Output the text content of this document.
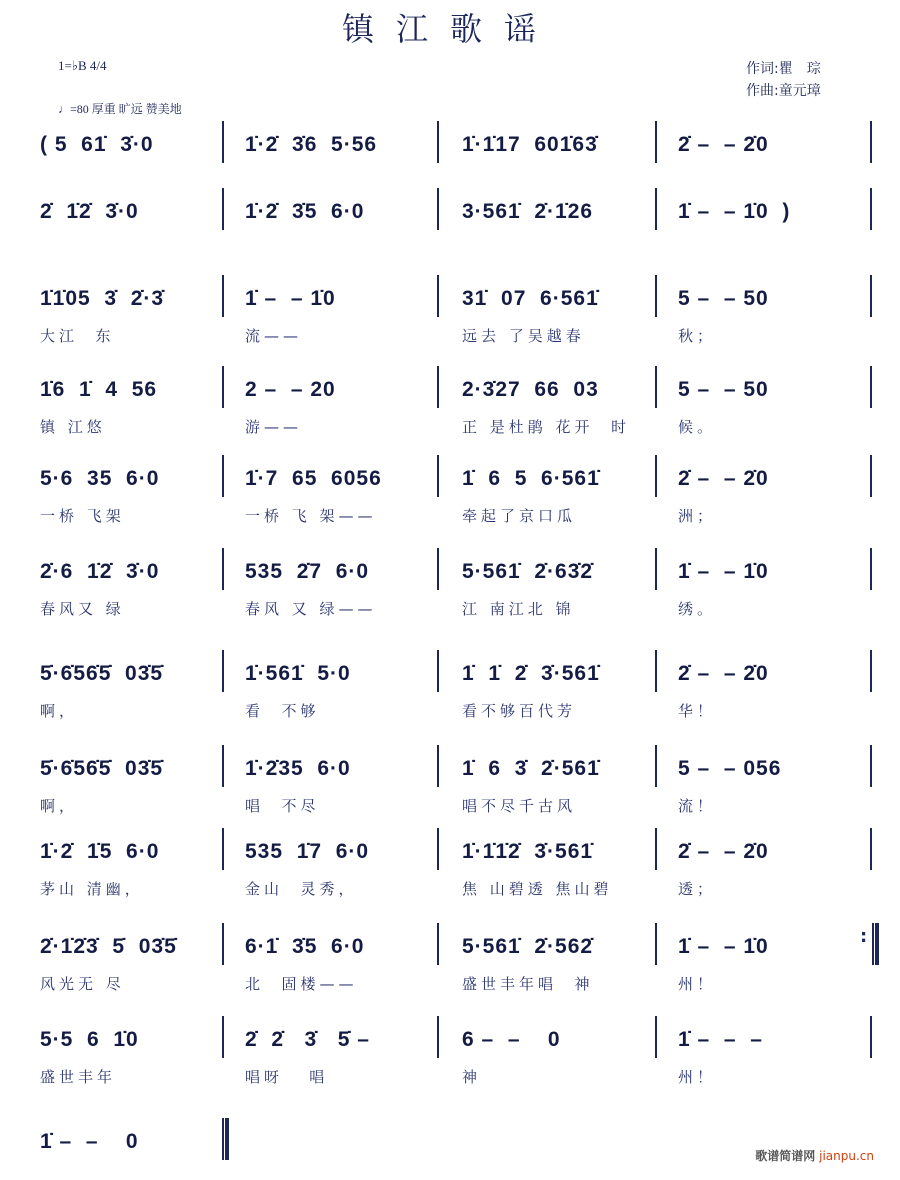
镇江歌谣
作词:瞿　琮
作曲:童元璋
1=♭B 4/4
♩=80 厚重 旷远 赞美地
( 5  61̇  3̇·0	1̇·2̇  3̇6  5·56	1̇·1̇17  601̇63̇	2̇ –  – 2̇0
2̇  1̇2̇  3̇·0	1̇·2̇  3̇5  6·0	3·561̇  2̇·1̇26	1̇ –  – 1̇0  )
1̇1̇05  3̇  2̇·3̇
大江  东
1̇ –  – 1̇0
流——
31̇  07  6·561̇
远去 了吴越春
5 –  – 50
秋；
1̇6  1̇  4  56
镇 江悠
2 –  – 20
游——
2·3̇27  66  03
正 是杜鹃 花开  时
5 –  – 50
候。
5·6  35  6·0
一桥 飞架
1̇·7  65  6056
一桥 飞 架——
1̇  6  5  6·561̇
牵起了京口瓜
2̇ –  – 2̇0
洲；
2̇·6  1̇2̇  3̇·0
春风又 绿
535  2̇7  6·0
春风 又 绿——
5·561̇  2̇·63̇2̇
江 南江北 锦
1̇ –  – 1̇0
绣。
5̇·6̇56̇5̇  03̇5̇
啊，
1̇·561̇  5·0
看  不够
1̇  1̇  2̇  3̇·561̇
看不够百代芳
2̇ –  – 2̇0
华！
5̇·6̇56̇5̇  03̇5̇
啊，
1̇·2̇35  6·0
唱  不尽
1̇  6  3̇  2̇·561̇
唱不尽千古风
5 –  – 056
流！
1̇·2̇  1̇5  6·0
茅山 清幽，
535  1̇7  6·0
金山  灵秀，
1̇·1̇1̇2̇  3̇·561̇
焦 山碧透 焦山碧
2̇ –  – 2̇0
透；
2̇·1̇2̇3̇  5̇  03̇5̇
风光无 尽
6·1̇  3̇5  6·0
北  固楼——
5·561̇  2̇·562̇
盛世丰年唱  神
1̇ –  – 1̇0
州！
:
5·5  6  1̇0
盛世丰年
2̇  2̇   3̇   5̇ –
唱呀   唱
6 –  –    0
神
1̇ –  –  –
州！
1̇ –  –    0
歌谱简谱网 jianpu.cn
